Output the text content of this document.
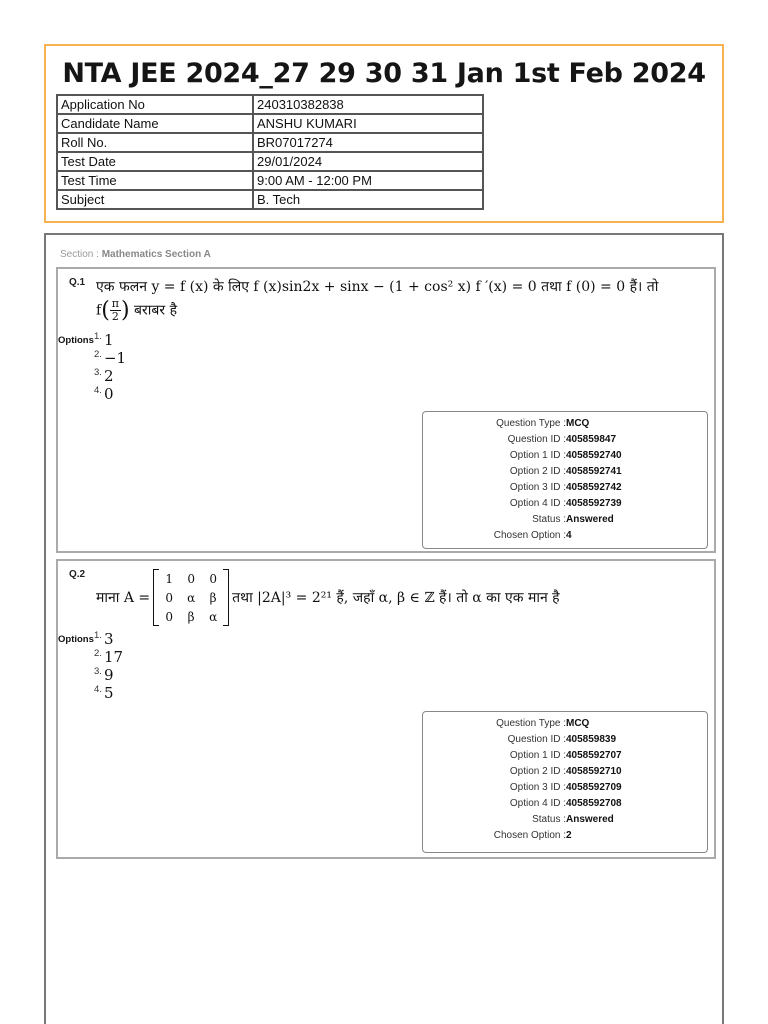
NTA JEE 2024_27 29 30 31 Jan 1st Feb 2024
Application No	240310382838
Candidate Name	ANSHU KUMARI
Roll No.	BR07017274
Test Date	29/01/2024
Test Time	9:00 AM - 12:00 PM
Subject	B. Tech
Section : Mathematics Section A
Q.1 एक फलन y = f (x) के लिए f (x)sin2x + sinx − (1 + cos² x) f ′(x) = 0 तथा f (0) = 0 हैं। तो
$f( \frac{\pi}{2}$ ) बराबर है
Options $^{1.}$ 1
$^{2.}$ −1
$^{3.}$ 2
$^{4.}$ 0
Question Type : MCQ
Question ID : 405859847
Option 1 ID : 4058592740
Option 2 ID : 4058592741
Option 3 ID : 4058592742
Option 4 ID : 4058592739
Status : Answered
Chosen Option : 4
Q.2
माना A =
1	0	0
0	α	β
0	β	α
तथा |2A|³ = 2²¹ हैं, जहाँ α, β ∈ ℤ हैं। तो α का एक मान है
Options $^{1.}$ 3
$^{2.}$ 17
$^{3.}$ 9
$^{4.}$ 5
Question Type : MCQ
Question ID : 405859839
Option 1 ID : 4058592707
Option 2 ID : 4058592710
Option 3 ID : 4058592709
Option 4 ID : 4058592708
Status : Answered
Chosen Option : 2
